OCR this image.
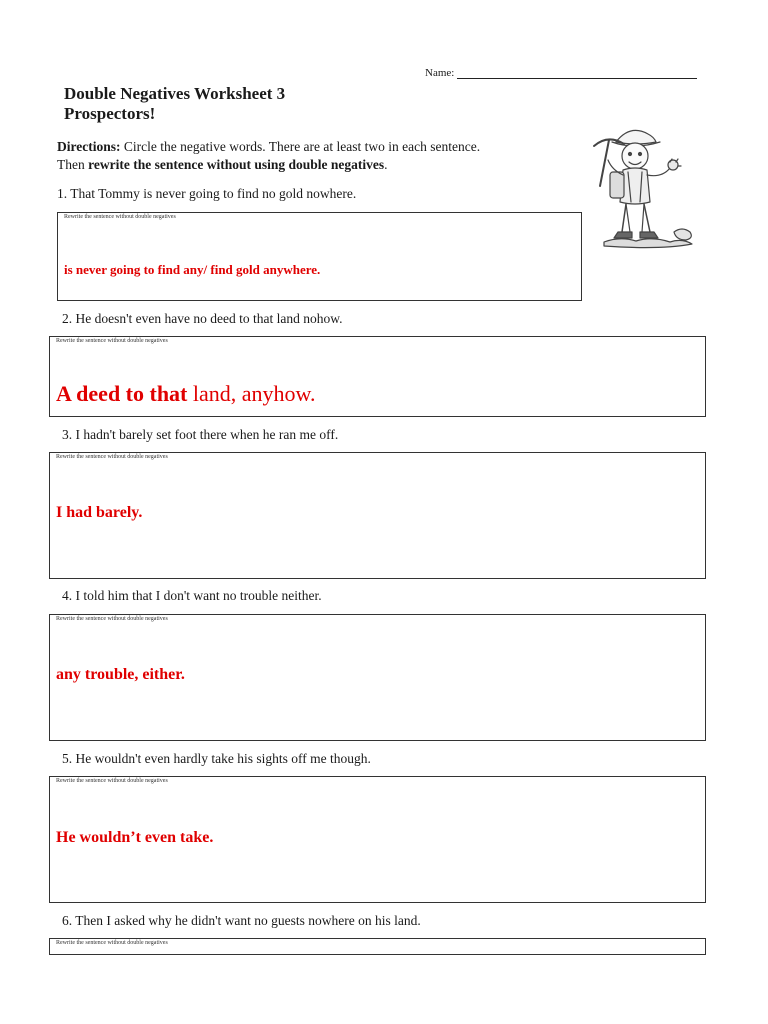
Name:
Double Negatives Worksheet 3
Prospectors!
Directions: Circle the negative words. There are at least two in each sentence.
Then rewrite the sentence without using double negatives.
1. That Tommy is never going to find no gold nowhere.
Rewrite the sentence without double negatives
is never going to find any/ find gold anywhere.
2. He doesn't even have no deed to that land nohow.
Rewrite the sentence without double negatives
A deed to that land, anyhow.
3. I hadn't barely set foot there when he ran me off.
Rewrite the sentence without double negatives
I had barely.
4. I told him that I don't want no trouble neither.
Rewrite the sentence without double negatives
any trouble, either.
5. He wouldn't even hardly take his sights off me though.
Rewrite the sentence without double negatives
He wouldn’t even take.
6. Then I asked why he didn't want no guests nowhere on his land.
Rewrite the sentence without double negatives
